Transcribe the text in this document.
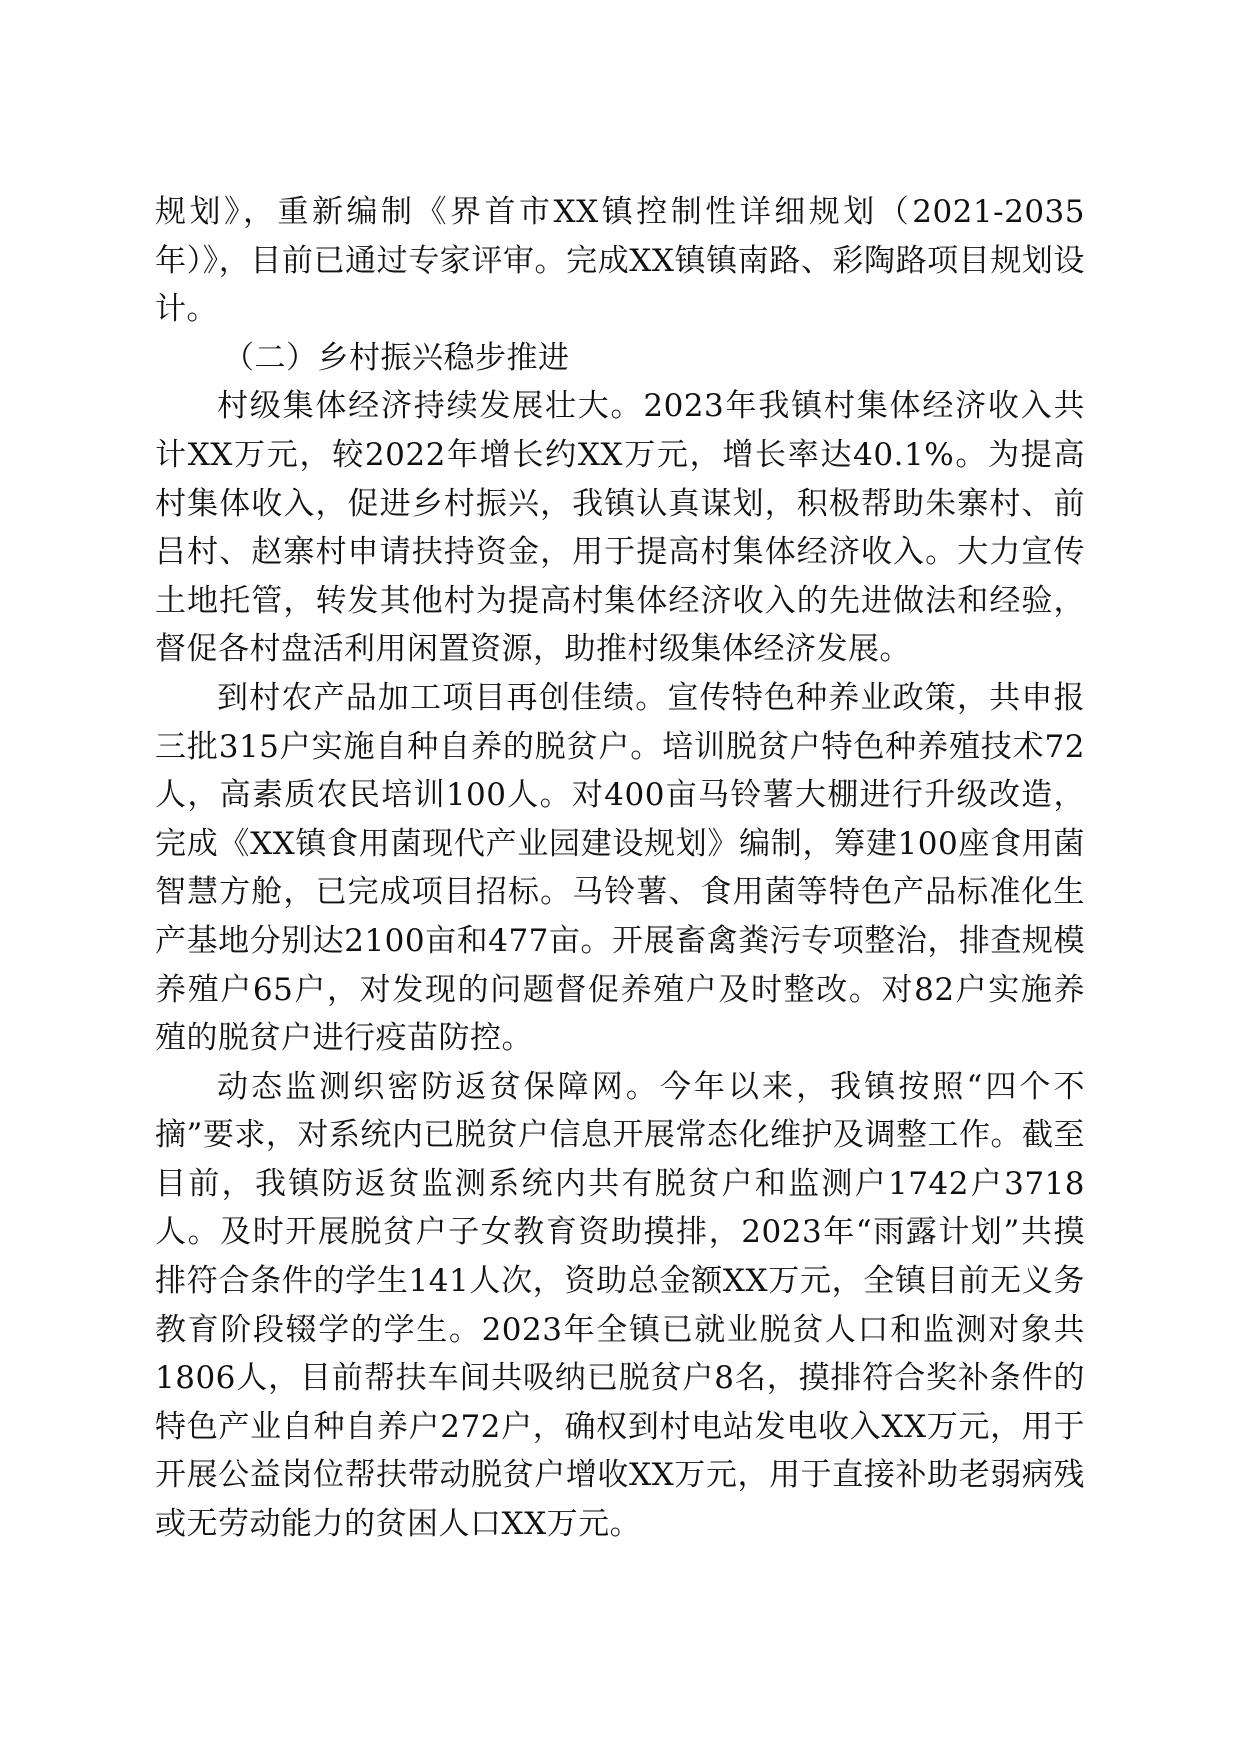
规划》，重新编制《界首市XX镇控制性详细规划（2021-2035年）》，目前已通过专家评审。完成XX镇镇南路、彩陶路项目规划设计。

（二）乡村振兴稳步推进

村级集体经济持续发展壮大。2023年我镇村集体经济收入共计XX万元，较2022年增长约XX万元，增长率达40.1%。为提高村集体收入，促进乡村振兴，我镇认真谋划，积极帮助朱寨村、前吕村、赵寨村申请扶持资金，用于提高村集体经济收入。大力宣传土地托管，转发其他村为提高村集体经济收入的先进做法和经验，督促各村盘活利用闲置资源，助推村级集体经济发展。

到村农产品加工项目再创佳绩。宣传特色种养业政策，共申报三批315户实施自种自养的脱贫户。培训脱贫户特色种养殖技术72人，高素质农民培训100人。对400亩马铃薯大棚进行升级改造，完成《XX镇食用菌现代产业园建设规划》编制，筹建100座食用菌智慧方舱，已完成项目招标。马铃薯、食用菌等特色产品标准化生产基地分别达2100亩和477亩。开展畜禽粪污专项整治，排查规模养殖户65户，对发现的问题督促养殖户及时整改。对82户实施养殖的脱贫户进行疫苗防控。

动态监测织密防返贫保障网。今年以来，我镇按照“四个不摘”要求，对系统内已脱贫户信息开展常态化维护及调整工作。截至目前，我镇防返贫监测系统内共有脱贫户和监测户1742户3718人。及时开展脱贫户子女教育资助摸排，2023年“雨露计划”共摸排符合条件的学生141人次，资助总金额XX万元，全镇目前无义务教育阶段辍学的学生。2023年全镇已就业脱贫人口和监测对象共1806人，目前帮扶车间共吸纳已脱贫户8名，摸排符合奖补条件的特色产业自种自养户272户，确权到村电站发电收入XX万元，用于开展公益岗位帮扶带动脱贫户增收XX万元，用于直接补助老弱病残或无劳动能力的贫困人口XX万元。
